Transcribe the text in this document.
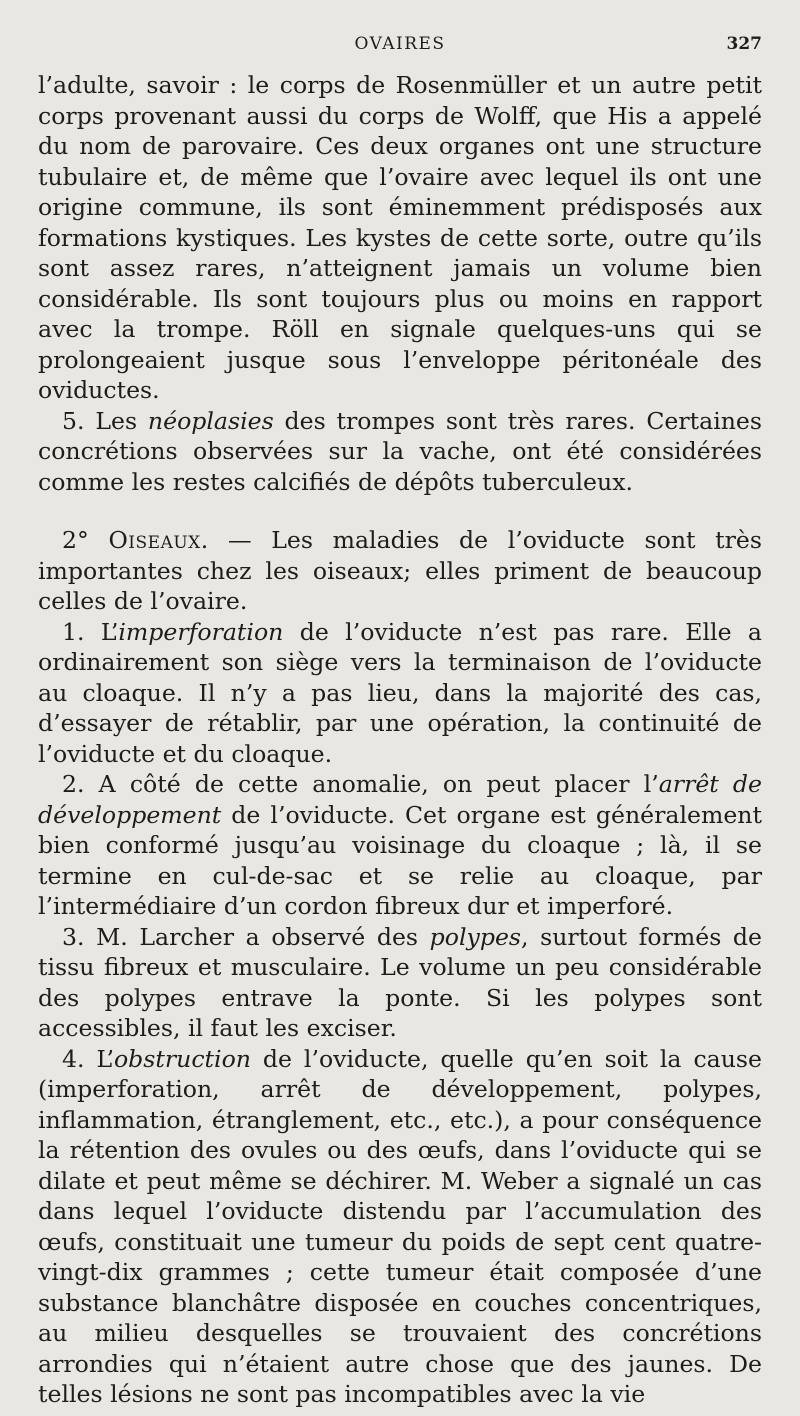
OVAIRES	327

l’adulte, savoir : le corps de Rosenmüller et un autre petit corps provenant aussi du corps de Wolff, que His a appelé du nom de parovaire. Ces deux organes ont une structure tubulaire et, de même que l’ovaire avec lequel ils ont une origine commune, ils sont éminemment prédisposés aux formations kystiques. Les kystes de cette sorte, outre qu’ils sont assez rares, n’atteignent jamais un volume bien considérable. Ils sont toujours plus ou moins en rapport avec la trompe. Röll en signale quelques-uns qui se prolongeaient jusque sous l’enveloppe péritonéale des oviductes.

5. Les néoplasies des trompes sont très rares. Certaines concrétions observées sur la vache, ont été considérées comme les restes calcifiés de dépôts tuberculeux.

2° Oiseaux. — Les maladies de l’oviducte sont très importantes chez les oiseaux; elles priment de beaucoup celles de l’ovaire.

1. L’imperforation de l’oviducte n’est pas rare. Elle a ordinairement son siège vers la terminaison de l’oviducte au cloaque. Il n’y a pas lieu, dans la majorité des cas, d’essayer de rétablir, par une opération, la continuité de l’oviducte et du cloaque.

2. A côté de cette anomalie, on peut placer l’arrêt de développement de l’oviducte. Cet organe est généralement bien conformé jusqu’au voisinage du cloaque ; là, il se termine en cul-de-sac et se relie au cloaque, par l’intermédiaire d’un cordon fibreux dur et imperforé.

3. M. Larcher a observé des polypes, surtout formés de tissu fibreux et musculaire. Le volume un peu considérable des polypes entrave la ponte. Si les polypes sont accessibles, il faut les exciser.

4. L’obstruction de l’oviducte, quelle qu’en soit la cause (imperforation, arrêt de développement, polypes, inflammation, étranglement, etc., etc.), a pour conséquence la rétention des ovules ou des œufs, dans l’oviducte qui se dilate et peut même se déchirer. M. Weber a signalé un cas dans lequel l’oviducte distendu par l’accumulation des œufs, constituait une tumeur du poids de sept cent quatre-vingt-dix grammes ; cette tumeur était composée d’une substance blanchâtre disposée en couches concentriques, au milieu desquelles se trouvaient des concrétions arrondies qui n’étaient autre chose que des jaunes. De telles lésions ne sont pas incompatibles avec la vie
